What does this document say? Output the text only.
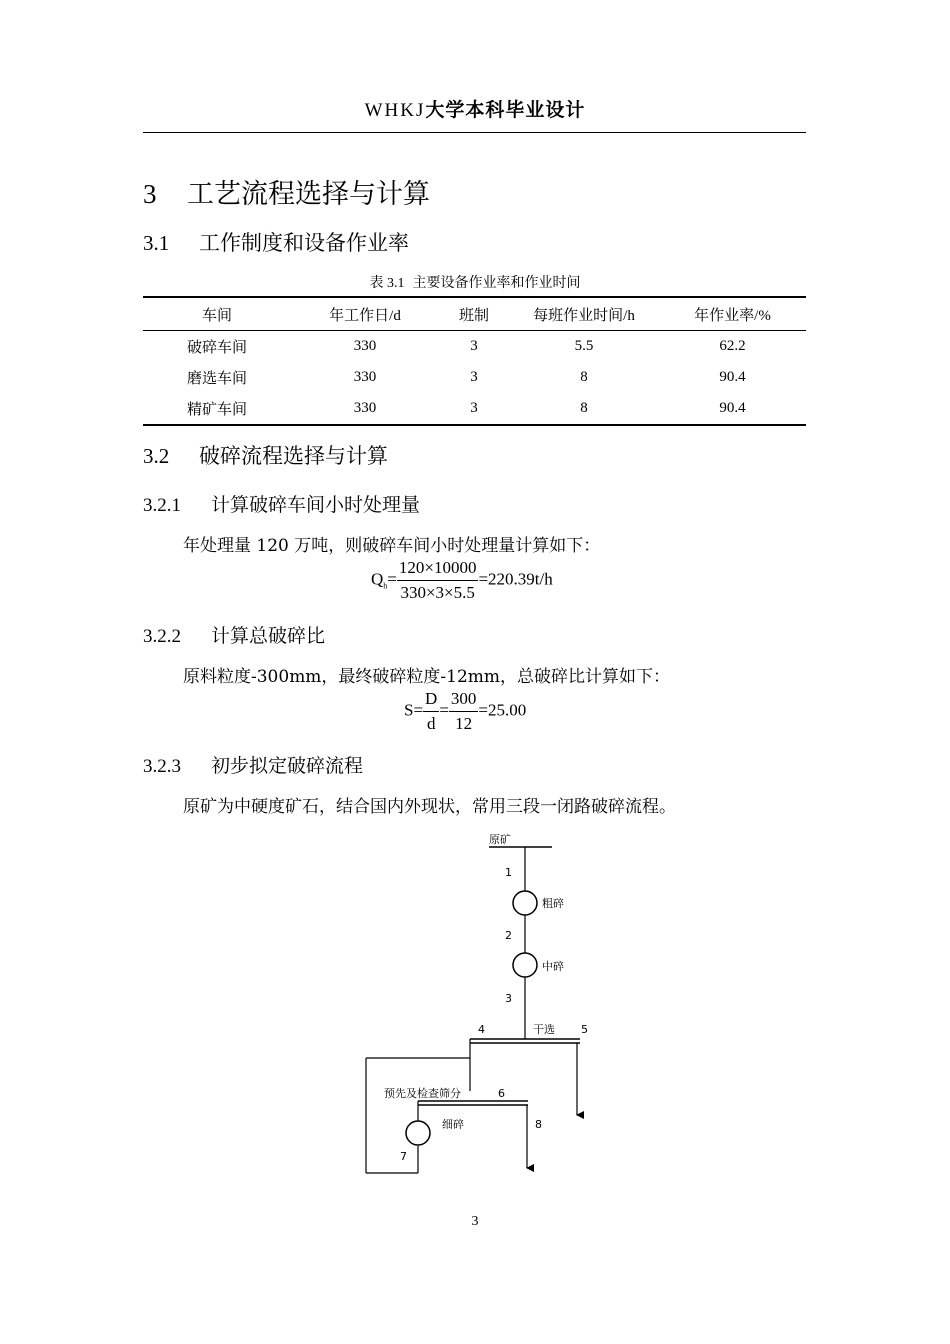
WHKJ大学本科毕业设计
3 工艺流程选择与计算
3.1 工作制度和设备作业率
表 3.1 主要设备作业率和作业时间
车间	年工作日/d	班制	每班作业时间/h	年作业率/%
破碎车间	330	3	5.5	62.2
磨选车间	330	3	8	90.4
精矿车间	330	3	8	90.4
3.2 破碎流程选择与计算
3.2.1 计算破碎车间小时处理量
年处理量 120 万吨，则破碎车间小时处理量计算如下：
$Q_h= \frac{120\times 10000}{330\times 3\times 5.5} =220.39t/h$
3.2.2 计算总破碎比
原料粒度-300mm，最终破碎粒度-12mm，总破碎比计算如下：
$S= \frac{D}{d} = \frac{300}{12} =25.00$
3.2.3 初步拟定破碎流程
原矿为中硬度矿石，结合国内外现状，常用三段一闭路破碎流程。
原矿
1
粗碎
2
中碎
3
4	干选 5
预先及检查筛分	6
8
细碎
7
3
